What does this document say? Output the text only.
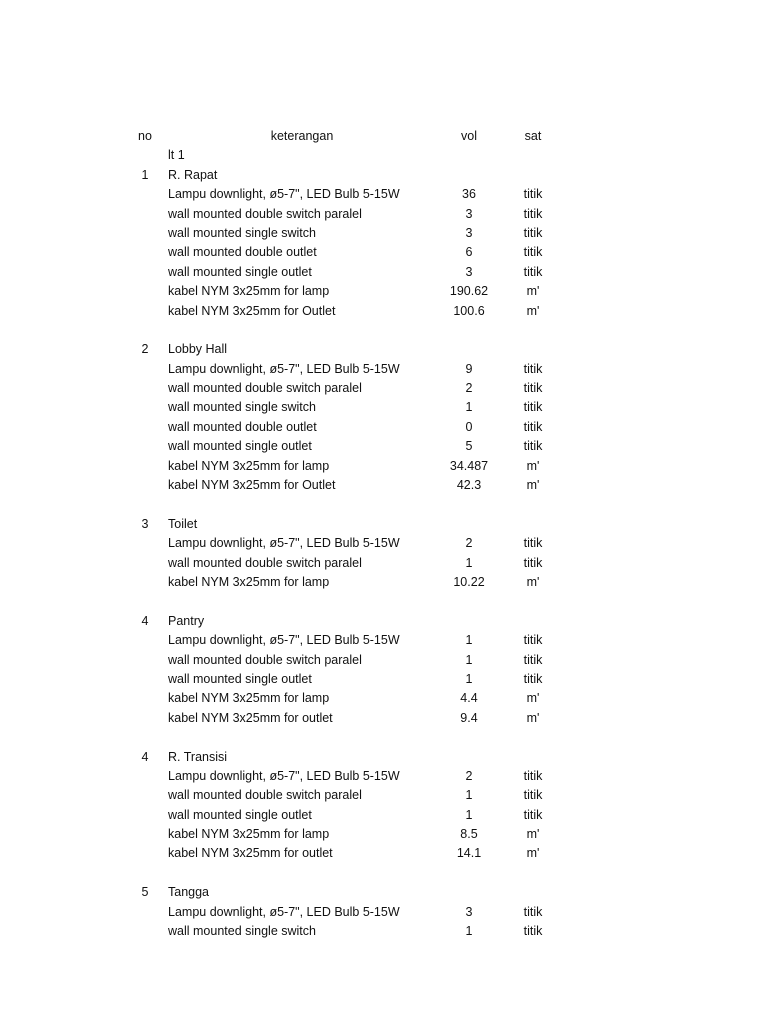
no	keterangan	vol	sat
lt 1
1	R. Rapat
Lampu downlight, ø5-7", LED Bulb 5-15W	36	titik
wall mounted double switch paralel	3	titik
wall mounted single switch	3	titik
wall mounted double outlet	6	titik
wall mounted single outlet	3	titik
kabel NYM 3x25mm for lamp	190.62	m'
kabel NYM 3x25mm for Outlet	100.6	m'
2	Lobby Hall
Lampu downlight, ø5-7", LED Bulb 5-15W	9	titik
wall mounted double switch paralel	2	titik
wall mounted single switch	1	titik
wall mounted double outlet	0	titik
wall mounted single outlet	5	titik
kabel NYM 3x25mm for lamp	34.487	m'
kabel NYM 3x25mm for Outlet	42.3	m'
3	Toilet
Lampu downlight, ø5-7", LED Bulb 5-15W	2	titik
wall mounted double switch paralel	1	titik
kabel NYM 3x25mm for lamp	10.22	m'
4	Pantry
Lampu downlight, ø5-7", LED Bulb 5-15W	1	titik
wall mounted double switch paralel	1	titik
wall mounted single outlet	1	titik
kabel NYM 3x25mm for lamp	4.4	m'
kabel NYM 3x25mm for outlet	9.4	m'
4	R. Transisi
Lampu downlight, ø5-7", LED Bulb 5-15W	2	titik
wall mounted double switch paralel	1	titik
wall mounted single outlet	1	titik
kabel NYM 3x25mm for lamp	8.5	m'
kabel NYM 3x25mm for outlet	14.1	m'
5	Tangga
Lampu downlight, ø5-7", LED Bulb 5-15W	3	titik
wall mounted single switch	1	titik
